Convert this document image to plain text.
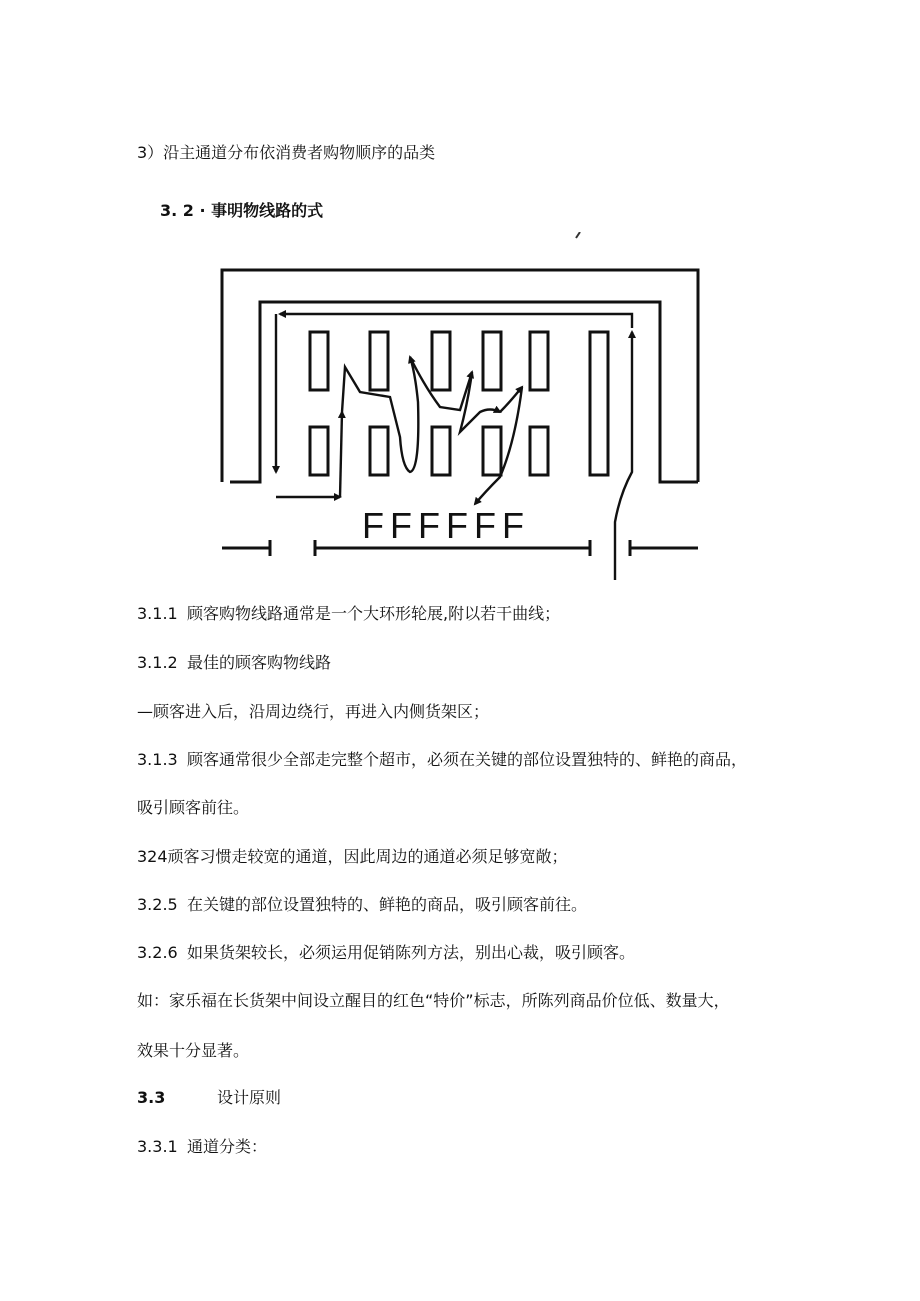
3）沿主通道分布依消费者购物顺序的品类
3. 2 · 事明物线路的式
FFFFFF
3.1.1 顾客购物线路通常是一个大环形轮展,附以若干曲线；
3.1.2 最佳的顾客购物线路
—顾客进入后，沿周边绕行，再进入内侧货架区；
3.1.3 顾客通常很少全部走完整个超市，必须在关键的部位设置独特的、鲜艳的商品，
吸引顾客前往。
324顽客习惯走较宽的通道，因此周边的通道必须足够宽敞；
3.2.5 在关键的部位设置独特的、鲜艳的商品，吸引顾客前往。
3.2.6 如果货架较长，必须运用促销陈列方法，别出心裁，吸引顾客。
如：家乐福在长货架中间设立醒目的红色“特价”标志，所陈列商品价位低、数量大，
效果十分显著。
3.3	设计原则
3.3.1 通道分类：
